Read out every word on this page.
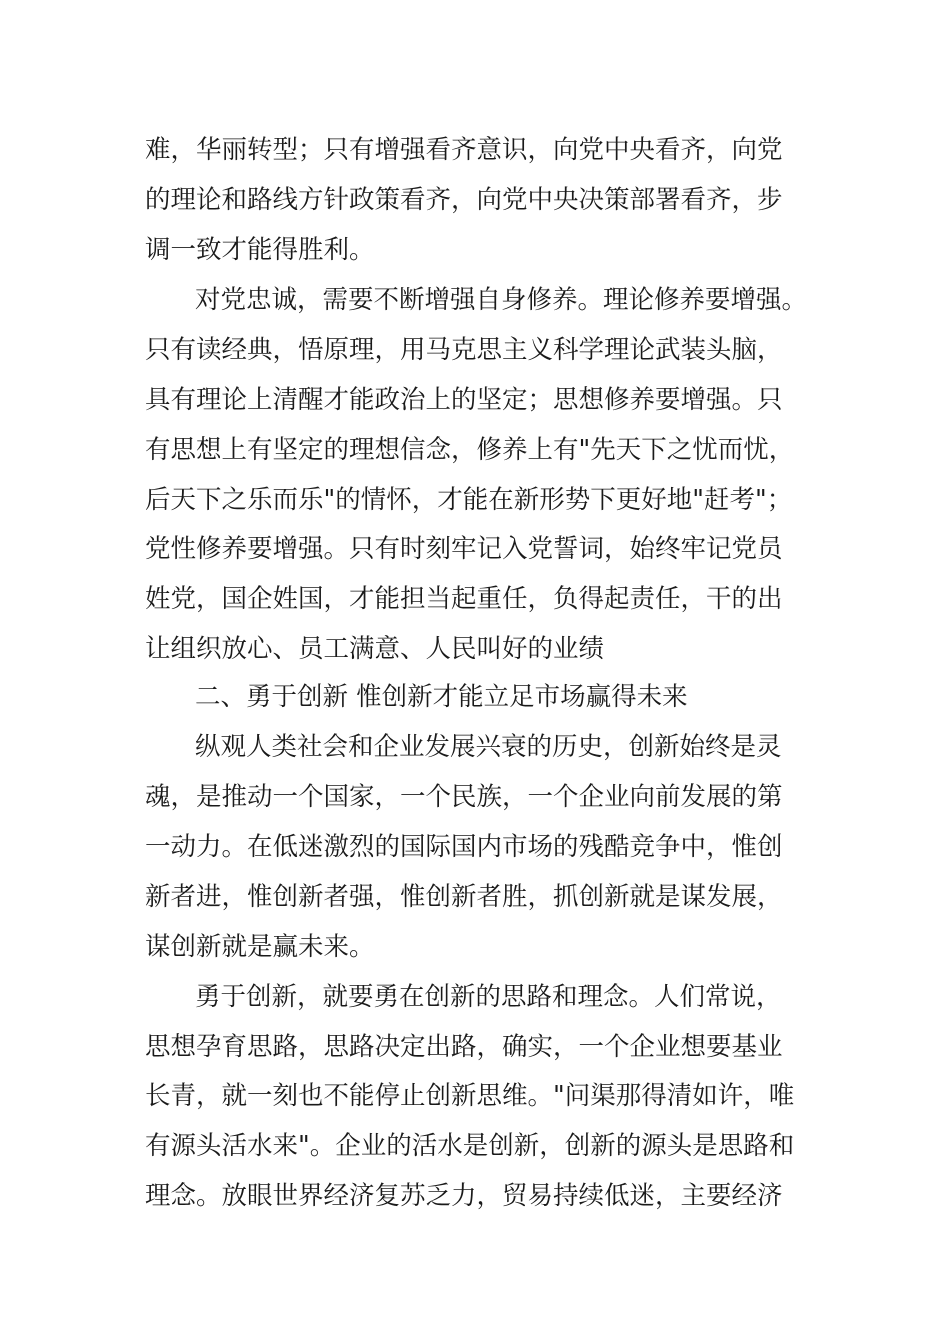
难，华丽转型；只有增强看齐意识，向党中央看齐，向党
的理论和路线方针政策看齐，向党中央决策部署看齐，步
调一致才能得胜利。
对党忠诚，需要不断增强自身修养。理论修养要增强。
只有读经典，悟原理，用马克思主义科学理论武装头脑，
具有理论上清醒才能政治上的坚定；思想修养要增强。只
有思想上有坚定的理想信念，修养上有"先天下之忧而忧，
后天下之乐而乐"的情怀，才能在新形势下更好地"赶考"；
党性修养要增强。只有时刻牢记入党誓词，始终牢记党员
姓党，国企姓国，才能担当起重任，负得起责任，干的出
让组织放心、员工满意、人民叫好的业绩
二、勇于创新 惟创新才能立足市场赢得未来
纵观人类社会和企业发展兴衰的历史，创新始终是灵
魂，是推动一个国家，一个民族，一个企业向前发展的第
一动力。在低迷激烈的国际国内市场的残酷竞争中，惟创
新者进，惟创新者强，惟创新者胜，抓创新就是谋发展，
谋创新就是赢未来。
勇于创新，就要勇在创新的思路和理念。人们常说，
思想孕育思路，思路决定出路，确实，一个企业想要基业
长青，就一刻也不能停止创新思维。"问渠那得清如许，唯
有源头活水来"。企业的活水是创新，创新的源头是思路和
理念。放眼世界经济复苏乏力，贸易持续低迷，主要经济
